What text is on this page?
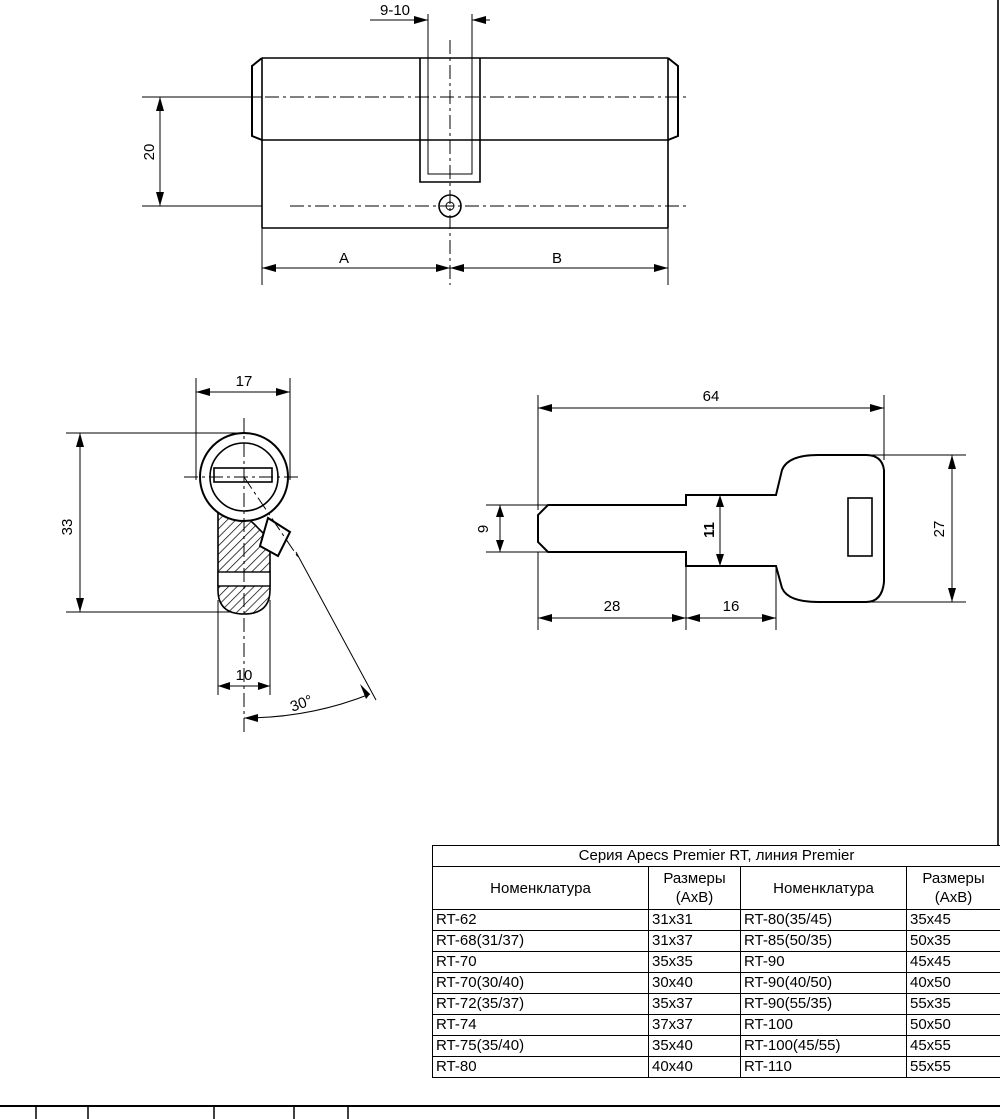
9-10
20
A	B
17
33
10
30°
64
9	11	27
28	16
Серия Apecs Premier RT, линия Premier			
Номенклатура	Размеры (AxB)	Номенклатура	Размеры (AxB)
RT-62	31x31	RT-80(35/45)	35x45
RT-68(31/37)	31x37	RT-85(50/35)	50x35
RT-70	35x35	RT-90	45x45
RT-70(30/40)	30x40	RT-90(40/50)	40x50
RT-72(35/37)	35x37	RT-90(55/35)	55x35
RT-74	37x37	RT-100	50x50
RT-75(35/40)	35x40	RT-100(45/55)	45x55
RT-80	40x40	RT-110	55x55
